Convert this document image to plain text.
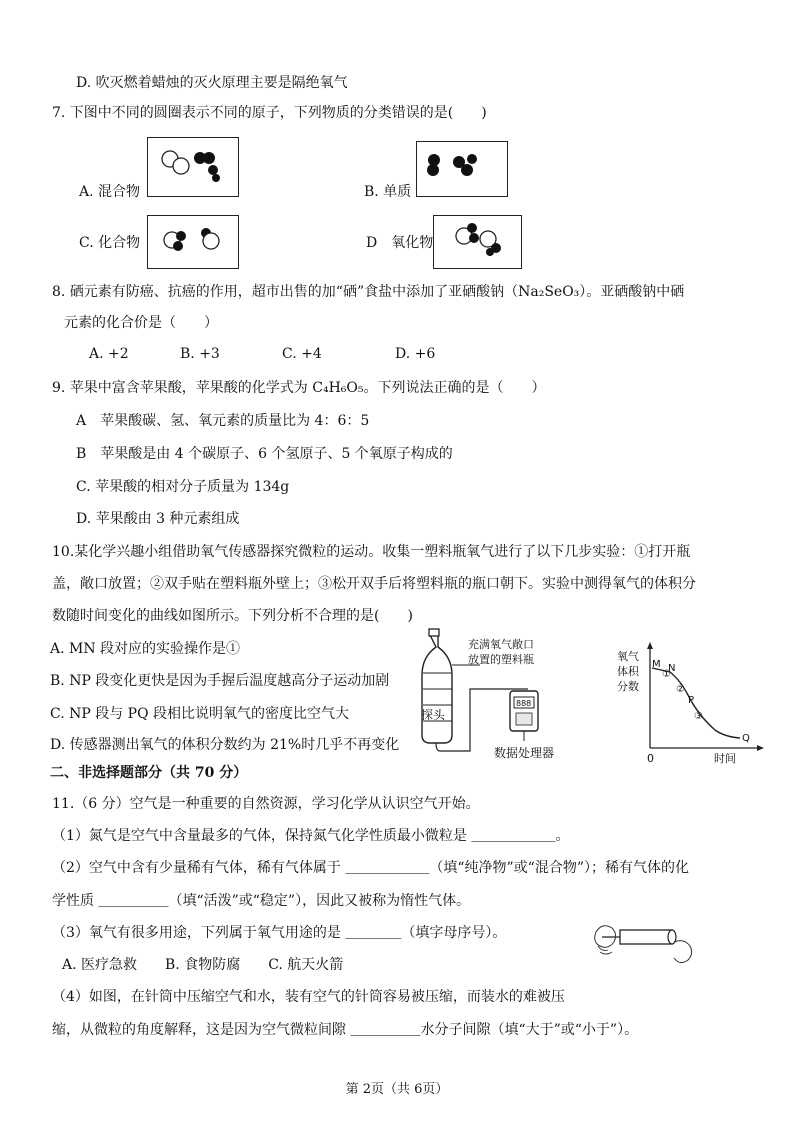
D. 吹灭燃着蜡烛的灭火原理主要是隔绝氧气
7. 下图中不同的圆圈表示不同的原子，下列物质的分类错误的是(　　)
A. 混合物	B. 单质
C. 化合物	D　氧化物
8. 硒元素有防癌、抗癌的作用，超市出售的加“硒”食盐中添加了亚硒酸钠（Na₂SeO₃）。亚硒酸钠中硒
元素的化合价是（　　）
A. +2	B. +3	C. +4	D. +6
9. 苹果中富含苹果酸，苹果酸的化学式为 C₄H₆O₅。下列说法正确的是（　　）
A　苹果酸碳、氢、氧元素的质量比为 4：6：5
B　苹果酸是由 4 个碳原子、6 个氢原子、5 个氧原子构成的
C. 苹果酸的相对分子质量为 134g
D. 苹果酸由 3 种元素组成
10.某化学兴趣小组借助氧气传感器探究微粒的运动。收集一塑料瓶氧气进行了以下几步实验：①打开瓶
盖，敞口放置；②双手贴在塑料瓶外壁上；③松开双手后将塑料瓶的瓶口朝下。实验中测得氧气的体积分
数随时间变化的曲线如图所示。下列分析不合理的是(　　)
A. MN 段对应的实验操作是①
B. NP 段变化更快是因为手握后温度越高分子运动加剧
C. NP 段与 PQ 段相比说明氧气的密度比空气大
D. 传感器测出氧气的体积分数约为 21%时几乎不再变化
充满氧气敞口
放置的塑料瓶
探头
888
数据处理器
氧气
体积
分数
M N
P
Q
①
②
③
0	时间
二、非选择题部分（共 70 分）
11.（6 分）空气是一种重要的自然资源，学习化学从认识空气开始。
（1）氮气是空气中含量最多的气体，保持氮气化学性质最小微粒是 ＿＿＿＿＿＿。
（2）空气中含有少量稀有气体，稀有气体属于 ＿＿＿＿＿＿（填“纯净物”或“混合物”）；稀有气体的化
学性质 ＿＿＿＿＿（填“活泼”或“稳定”），因此又被称为惰性气体。
（3）氧气有很多用途，下列属于氧气用途的是 ＿＿＿＿（填字母序号）。
A. 医疗急救　　B. 食物防腐　　C. 航天火箭
（4）如图，在针筒中压缩空气和水，装有空气的针筒容易被压缩，而装水的难被压
缩，从微粒的角度解释，这是因为空气微粒间隙 ＿＿＿＿＿水分子间隙（填“大于”或“小于”）。
第 2页（共 6页）
